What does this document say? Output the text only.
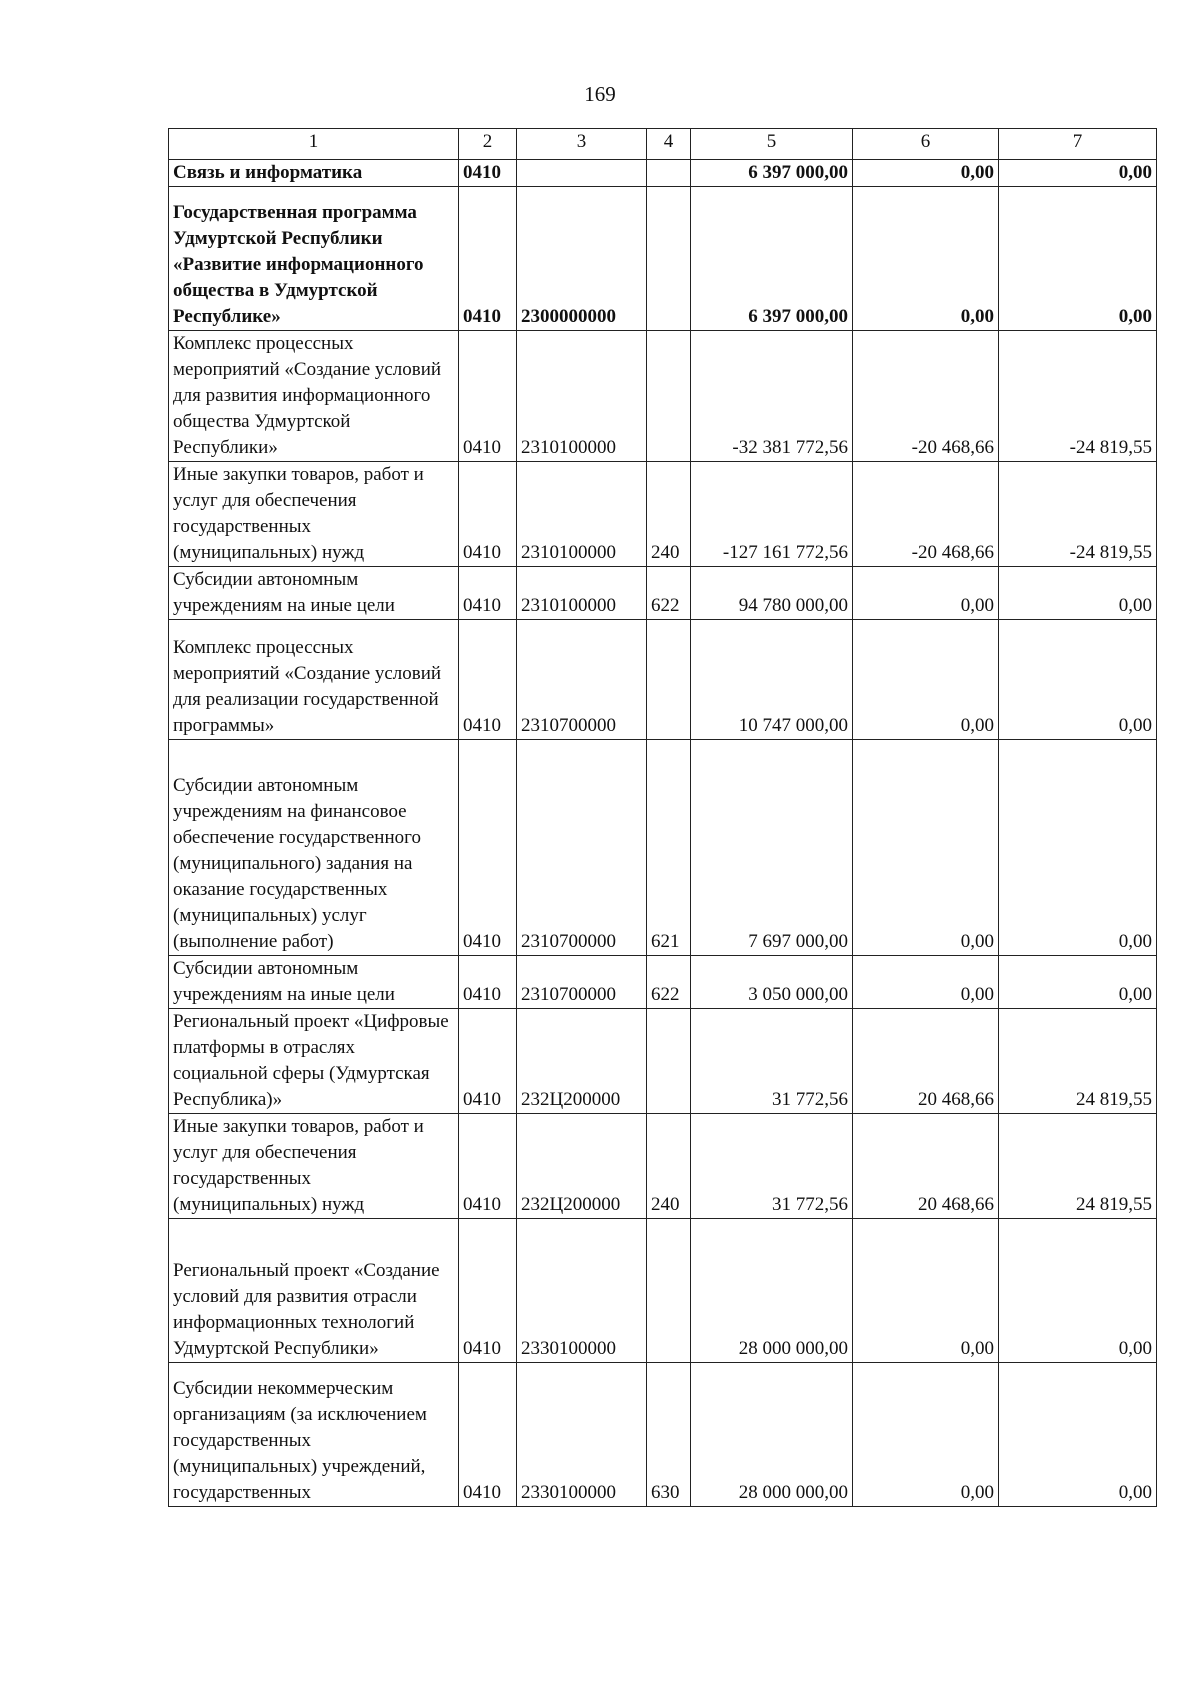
169
1	2	3	4	5	6	7
Связь и информатика	0410			6 397 000,00	0,00	0,00
Государственная программа Удмуртской Республики «Развитие информационного общества в Удмуртской Республике»	0410	2300000000		6 397 000,00	0,00	0,00
Комплекс процессных мероприятий «Создание условий для развития информационного общества Удмуртской Республики»	0410	2310100000		-32 381 772,56	-20 468,66	-24 819,55
Иные закупки товаров, работ и услуг для обеспечения государственных (муниципальных) нужд	0410	2310100000	240	-127 161 772,56	-20 468,66	-24 819,55
Субсидии автономным учреждениям на иные цели	0410	2310100000	622	94 780 000,00	0,00	0,00
Комплекс процессных мероприятий «Создание условий для реализации государственной программы»	0410	2310700000		10 747 000,00	0,00	0,00
Субсидии автономным учреждениям на финансовое обеспечение государственного (муниципального) задания на оказание государственных (муниципальных) услуг (выполнение работ)	0410	2310700000	621	7 697 000,00	0,00	0,00
Субсидии автономным учреждениям на иные цели	0410	2310700000	622	3 050 000,00	0,00	0,00
Региональный проект «Цифровые платформы в отраслях социальной сферы (Удмуртская Республика)»	0410	232Ц200000		31 772,56	20 468,66	24 819,55
Иные закупки товаров, работ и услуг для обеспечения государственных (муниципальных) нужд	0410	232Ц200000	240	31 772,56	20 468,66	24 819,55
Региональный проект «Создание условий для развития отрасли информационных технологий Удмуртской Республики»	0410	2330100000		28 000 000,00	0,00	0,00
Субсидии некоммерческим организациям (за исключением государственных (муниципальных) учреждений, государственных	0410	2330100000	630	28 000 000,00	0,00	0,00
